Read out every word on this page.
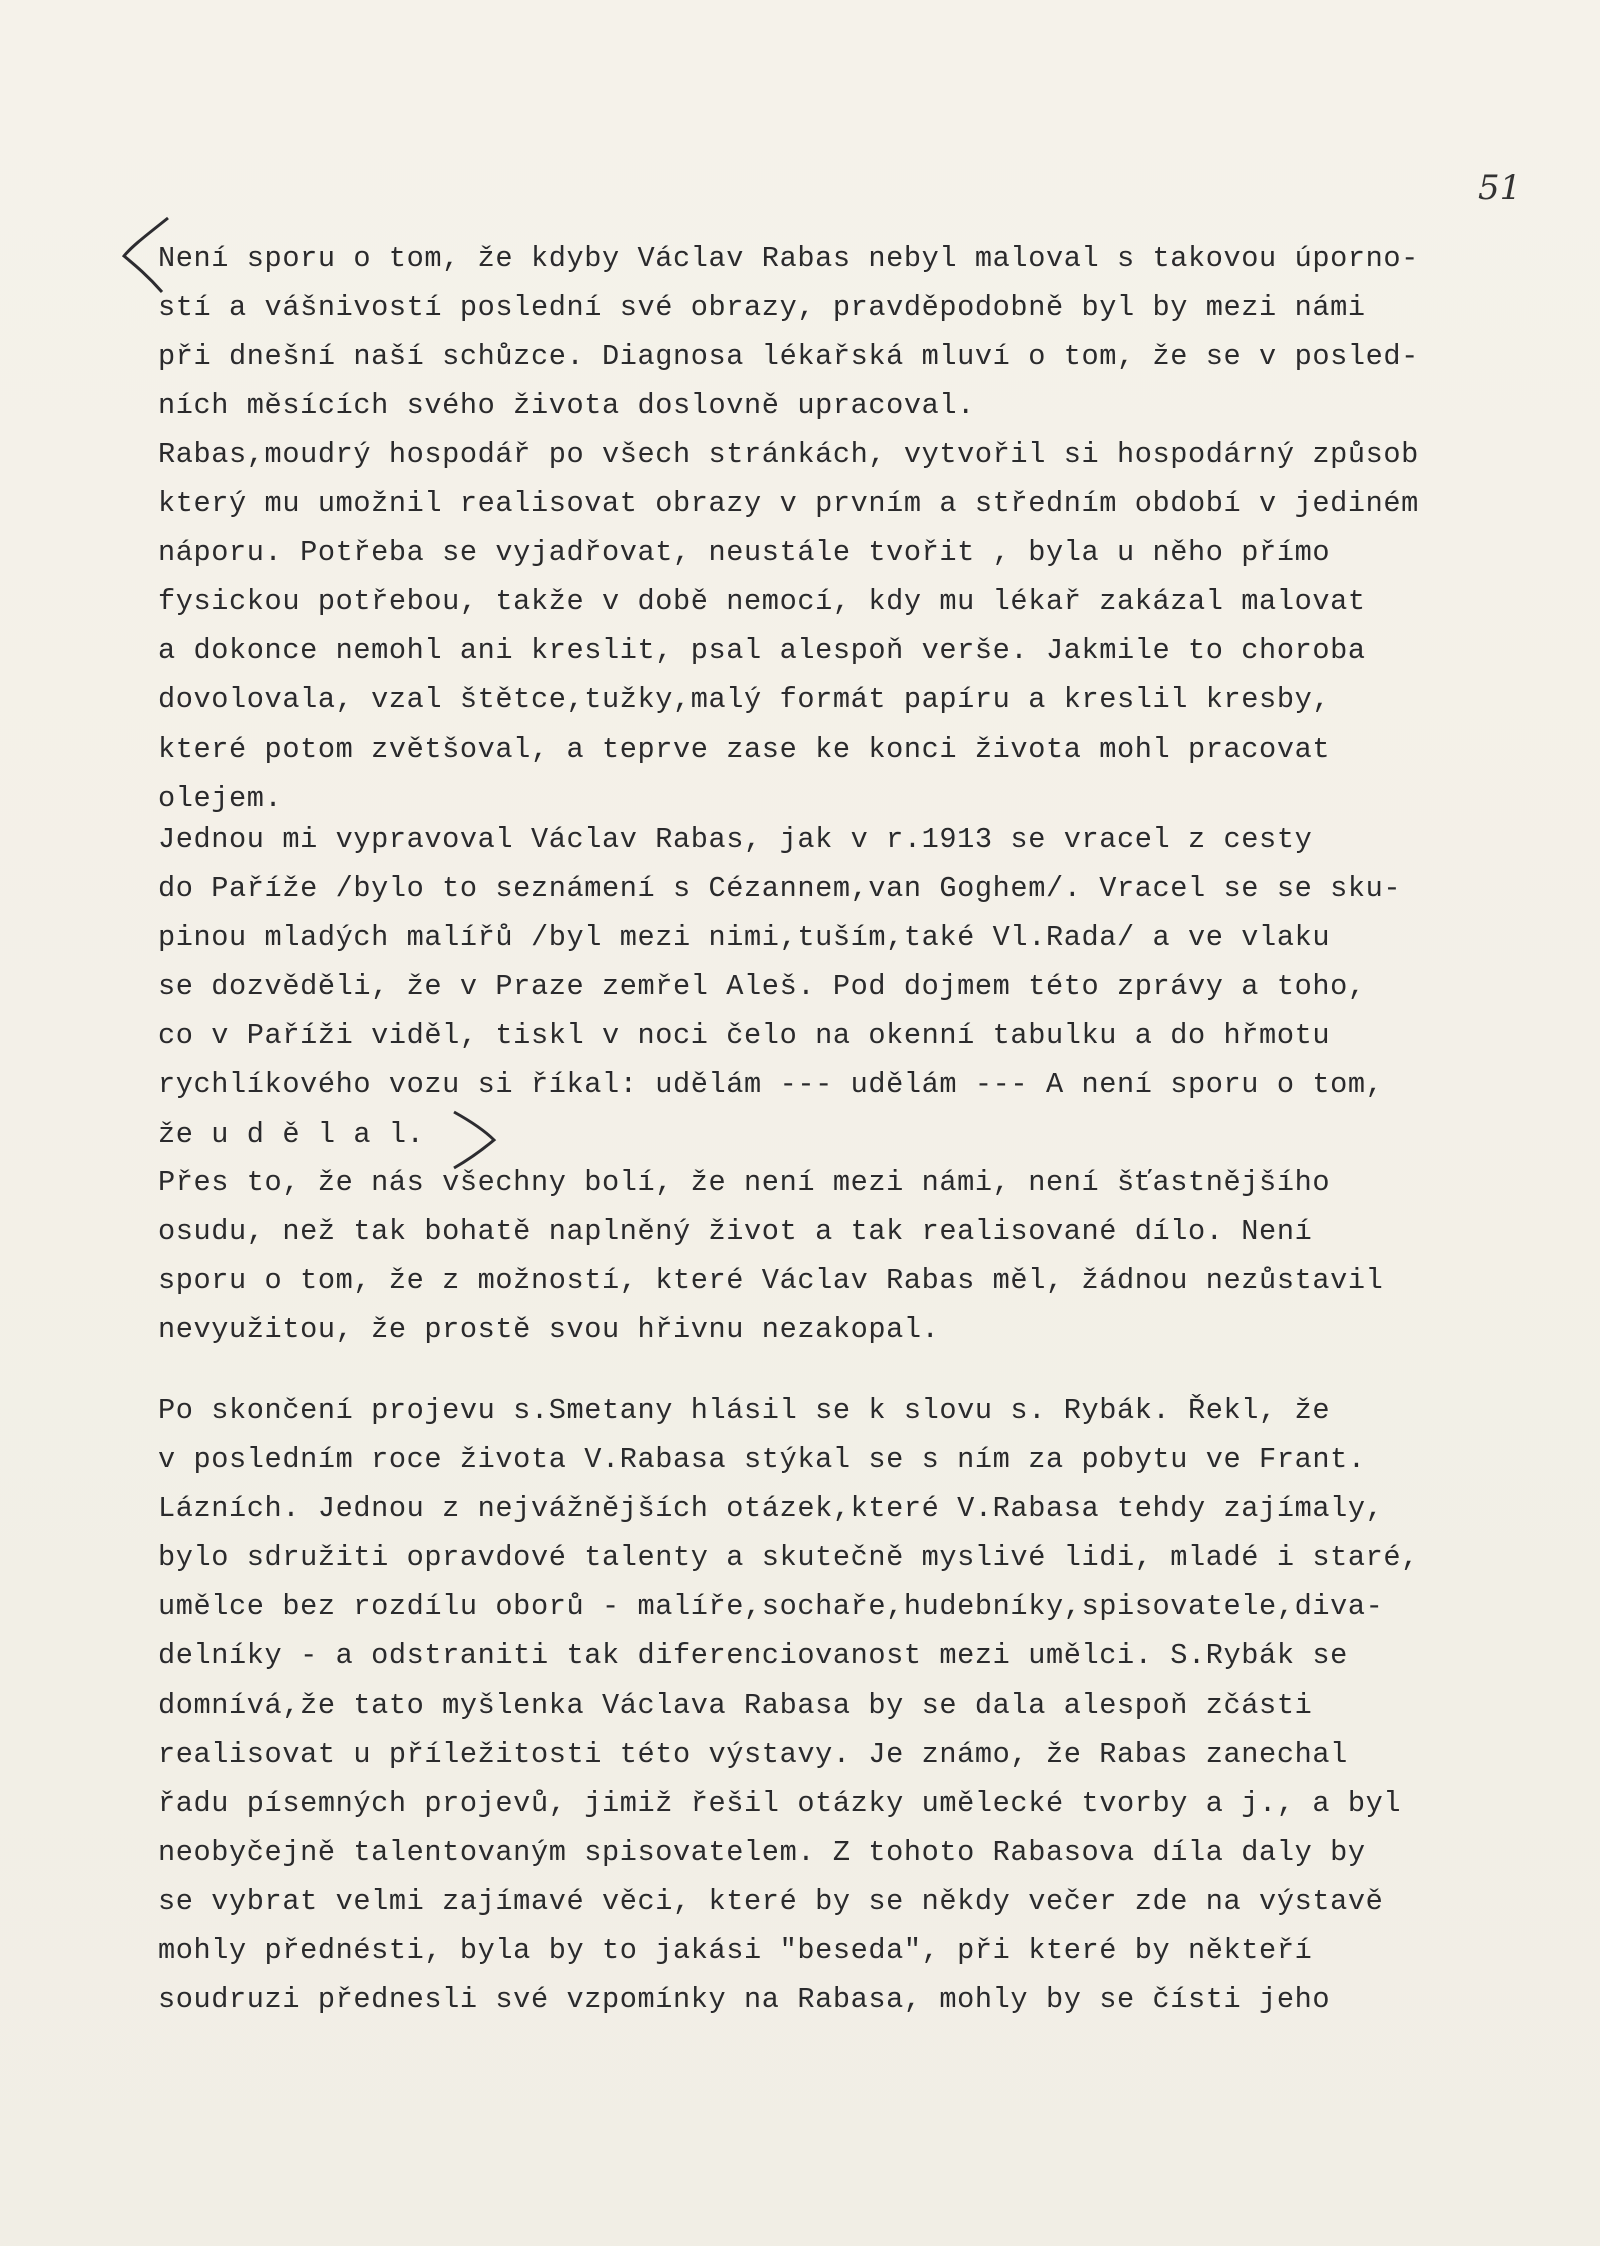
51
Není sporu o tom, že kdyby Václav Rabas nebyl maloval s takovou úporno-
stí a vášnivostí poslední své obrazy, pravděpodobně byl by mezi námi
při dnešní naší schůzce. Diagnosa lékařská mluví o tom, že se v posled-
ních měsících svého života doslovně upracoval.
Rabas,moudrý hospodář po všech stránkách, vytvořil si hospodárný způsob
který mu umožnil realisovat obrazy v prvním a středním období v jediném
náporu. Potřeba se vyjadřovat, neustále tvořit , byla u něho přímo
fysickou potřebou, takže v době nemocí, kdy mu lékař zakázal malovat
a dokonce nemohl ani kreslit, psal alespoň verše. Jakmile to choroba
dovolovala, vzal štětce,tužky,malý formát papíru a kreslil kresby,
které potom zvětšoval, a teprve zase ke konci života mohl pracovat
olejem.
Jednou mi vypravoval Václav Rabas, jak v r.1913 se vracel z cesty
do Paříže /bylo to seznámení s Cézannem,van Goghem/. Vracel se se sku-
pinou mladých malířů /byl mezi nimi,tuším,také Vl.Rada/ a ve vlaku
se dozvěděli, že v Praze zemřel Aleš. Pod dojmem této zprávy a toho,
co v Paříži viděl, tiskl v noci čelo na okenní tabulku a do hřmotu
rychlíkového vozu si říkal: udělám --- udělám --- A není sporu o tom,
že u d ě l a l.
Přes to, že nás všechny bolí, že není mezi námi, není šťastnějšího
osudu, než tak bohatě naplněný život a tak realisované dílo. Není
sporu o tom, že z možností, které Václav Rabas měl, žádnou nezůstavil
nevyužitou, že prostě svou hřivnu nezakopal.
Po skončení projevu s.Smetany hlásil se k slovu s. Rybák. Řekl, že
v posledním roce života V.Rabasa stýkal se s ním za pobytu ve Frant.
Lázních. Jednou z nejvážnějších otázek,které V.Rabasa tehdy zajímaly,
bylo sdružiti opravdové talenty a skutečně myslivé lidi, mladé i staré,
umělce bez rozdílu oborů - malíře,sochaře,hudebníky,spisovatele,diva-
delníky - a odstraniti tak diferenciovanost mezi umělci. S.Rybák se
domnívá,že tato myšlenka Václava Rabasa by se dala alespoň zčásti
realisovat u příležitosti této výstavy. Je známo, že Rabas zanechal
řadu písemných projevů, jimiž řešil otázky umělecké tvorby a j., a byl
neobyčejně talentovaným spisovatelem. Z tohoto Rabasova díla daly by
se vybrat velmi zajímavé věci, které by se někdy večer zde na výstavě
mohly přednésti, byla by to jakási "beseda", při které by někteří
soudruzi přednesli své vzpomínky na Rabasa, mohly by se čísti jeho
